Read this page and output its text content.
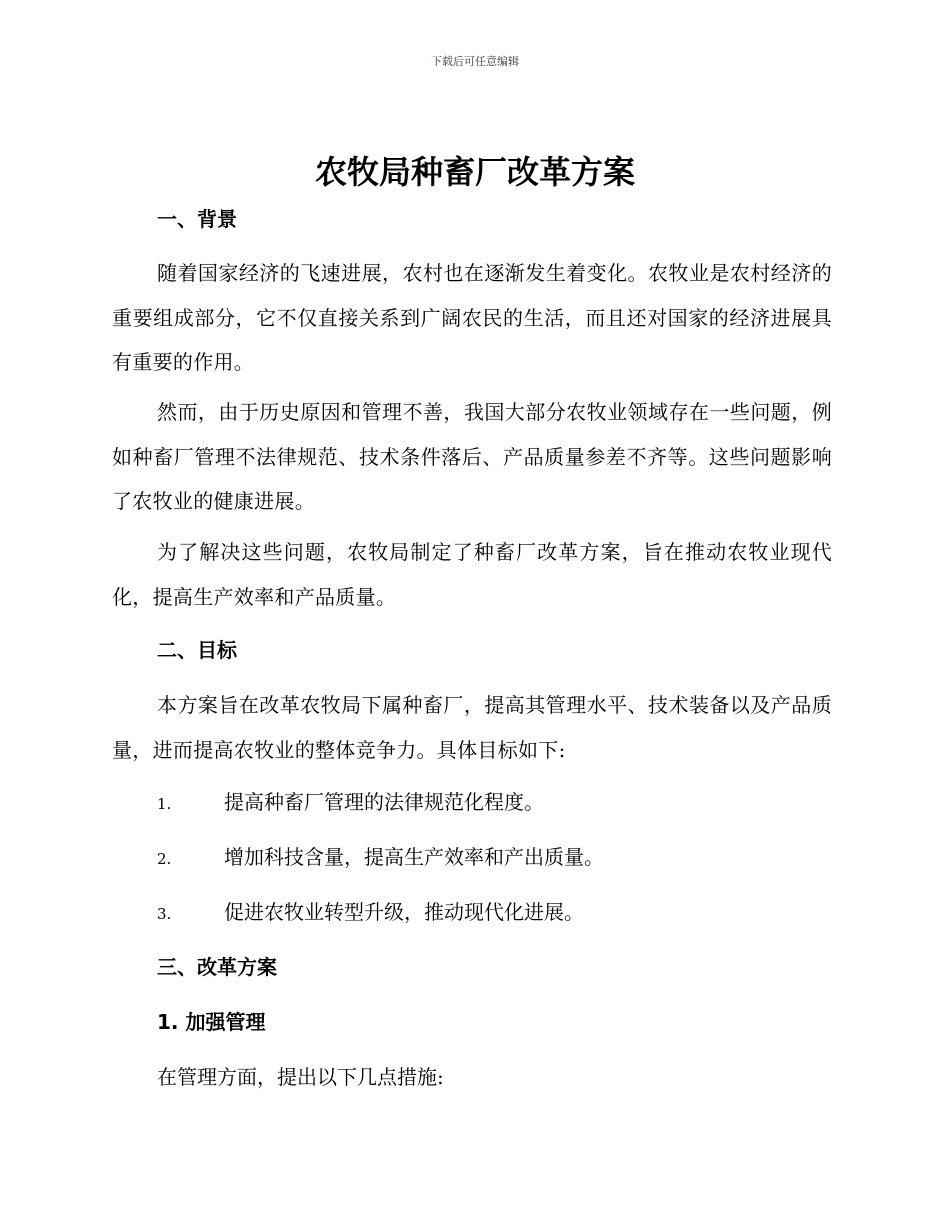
下载后可任意编辑
农牧局种畜厂改革方案
一、背景

随着国家经济的飞速进展，农村也在逐渐发生着变化。农牧业是农村经济的重要组成部分，它不仅直接关系到广阔农民的生活，而且还对国家的经济进展具有重要的作用。

然而，由于历史原因和管理不善，我国大部分农牧业领域存在一些问题，例如种畜厂管理不法律规范、技术条件落后、产品质量参差不齐等。这些问题影响了农牧业的健康进展。

为了解决这些问题，农牧局制定了种畜厂改革方案，旨在推动农牧业现代化，提高生产效率和产品质量。

二、目标

本方案旨在改革农牧局下属种畜厂，提高其管理水平、技术装备以及产品质量，进而提高农牧业的整体竞争力。具体目标如下:

1.	提高种畜厂管理的法律规范化程度。
2.	增加科技含量，提高生产效率和产出质量。
3.	促进农牧业转型升级，推动现代化进展。
三、改革方案
1. 加强管理
在管理方面，提出以下几点措施:
